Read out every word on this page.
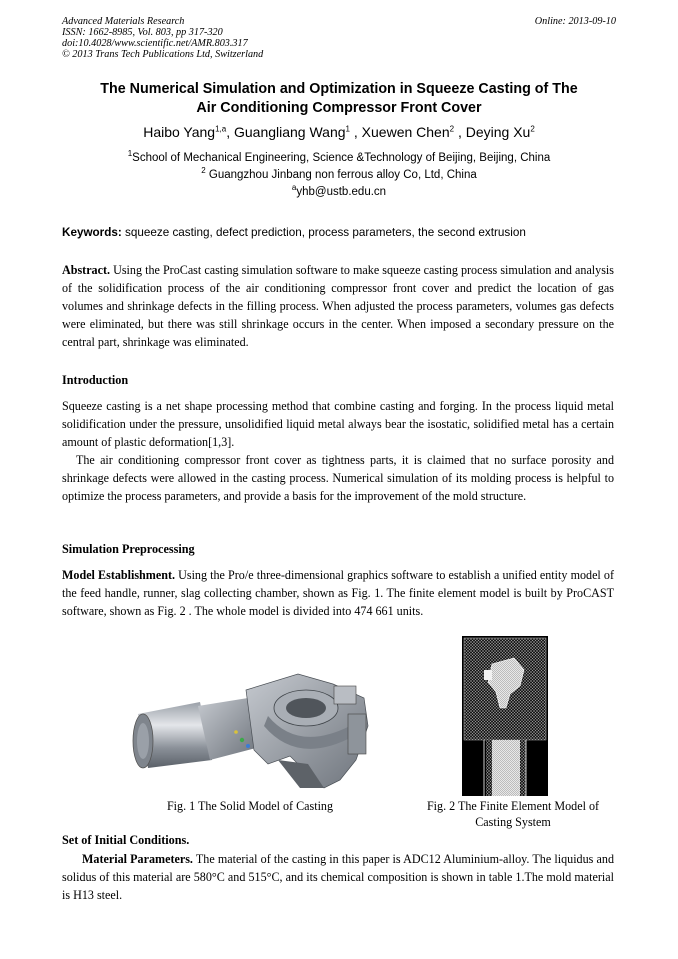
Advanced Materials Research
ISSN: 1662-8985, Vol. 803, pp 317-320
doi:10.4028/www.scientific.net/AMR.803.317
© 2013 Trans Tech Publications Ltd, Switzerland
Online: 2013-09-10
The Numerical Simulation and Optimization in Squeeze Casting of The
Air Conditioning Compressor Front Cover
Haibo Yang$^{1,a}$, Guangliang Wang$^1$ , Xuewen Chen$^2$ , Deying Xu$^2$
$^1$School of Mechanical Engineering, Science &Technology of Beijing, Beijing, China
$^2$ Guangzhou Jinbang non ferrous alloy Co, Ltd, China
$^a$yhb@ustb.edu.cn
Keywords: squeeze casting, defect prediction, process parameters, the second extrusion
Abstract. Using the ProCast casting simulation software to make squeeze casting process simulation and analysis of the solidification process of the air conditioning compressor front cover and predict the location of gas volumes and shrinkage defects in the filling process. When adjusted the process parameters, volumes gas defects were eliminated, but there was still shrinkage occurs in the center. When imposed a secondary pressure on the central part, shrinkage was eliminated.
Introduction
Squeeze casting is a net shape processing method that combine casting and forging. In the process liquid metal solidification under the pressure, unsolidified liquid metal always bear the isostatic, solidified metal has a certain amount of plastic deformation[1,3].
The air conditioning compressor front cover as tightness parts, it is claimed that no surface porosity and shrinkage defects were allowed in the casting process. Numerical simulation of its molding process is helpful to optimize the process parameters, and provide a basis for the improvement of the mold structure.
Simulation Preprocessing
Model Establishment. Using the Pro/e three-dimensional graphics software to establish a unified entity model of the feed handle, runner, slag collecting chamber, shown as Fig. 1. The finite element model is built by ProCAST software, shown as Fig. 2 . The whole model is divided into 474 661 units.
Fig. 1 The Solid Model of Casting	Fig. 2 The Finite Element Model of Casting System
Set of Initial Conditions.
Material Parameters. The material of the casting in this paper is ADC12 Aluminium-alloy. The liquidus and solidus of this material are 580°C and 515°C, and its chemical composition is shown in table 1.The mold material is H13 steel.
